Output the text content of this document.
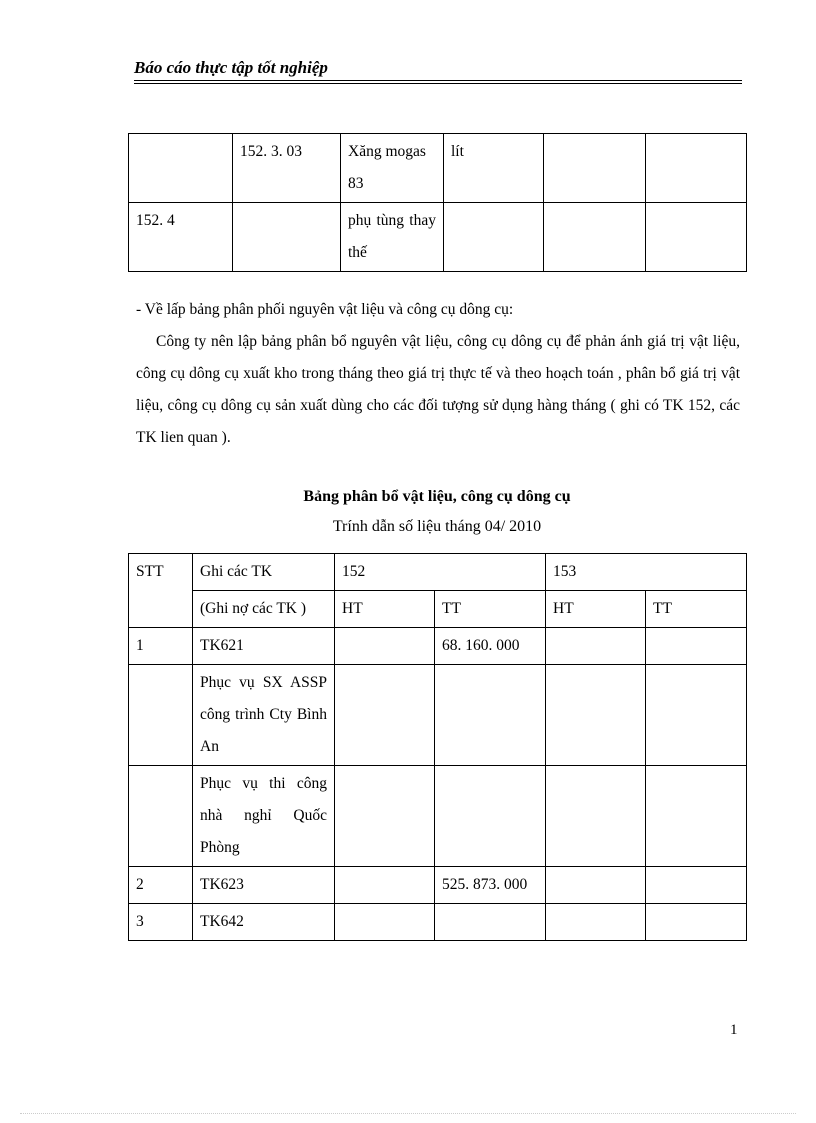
Báo cáo thực tập tốt nghiệp
	152. 3. 03	Xăng mogas 83	lít		
152. 4		phụ tùng thay thế			

- Về lấp bảng phân phối nguyên vật liệu và công cụ dông cụ:

Công ty nên lập bảng phân bổ nguyên vật liệu, công cụ dông cụ để phản ánh giá trị vật liệu, công cụ dông cụ xuất kho trong tháng theo giá trị thực tế và theo hoạch toán , phân bổ giá trị vật liệu, công cụ dông cụ sản xuất dùng cho các đối tượng sử dụng hàng tháng ( ghi có TK 152, các TK lien quan ).

Bảng phân bổ vật liệu, công cụ dông cụ
Trính dẫn số liệu tháng 04/ 2010
STT	Ghi các TK	152		153	
	(Ghi nợ các TK )	HT	TT	HT	TT
1	TK621		68. 160. 000		
	Phục vụ SX ASSP công trình Cty Bình An				
	Phục vụ thi công nhà nghỉ Quốc Phòng				
2	TK623		525. 873. 000		
3	TK642				
1
